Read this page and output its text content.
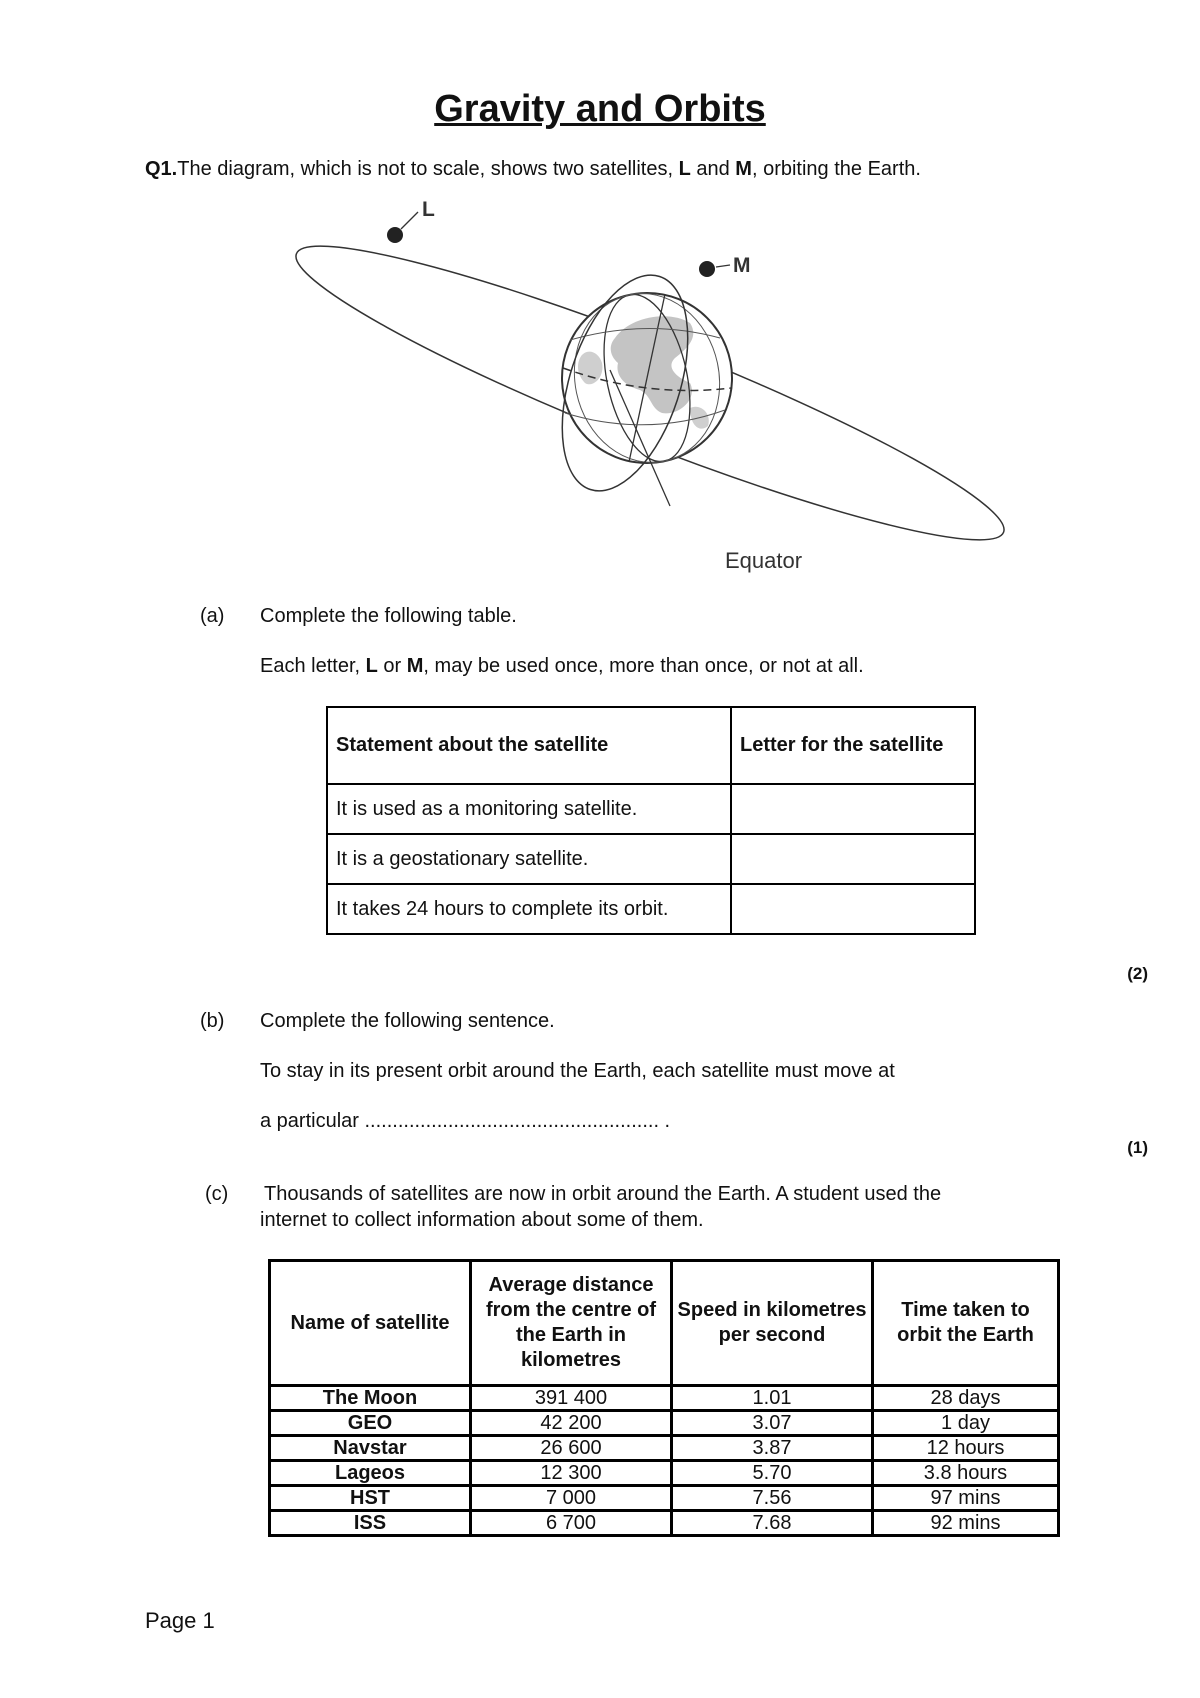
Gravity and Orbits
Q1.The diagram, which is not to scale, shows two satellites, L and M, orbiting the Earth.
L
M
Equator
(a) Complete the following table.
Each letter, L or M, may be used once, more than once, or not at all.
Statement about the satellite	Letter for the satellite
It is used as a monitoring satellite.	
It is a geostationary satellite.	
It takes 24 hours to complete its orbit.	
(2)
(b) Complete the following sentence.
To stay in its present orbit around the Earth, each satellite must move at
a particular ..................................................... .
(1)
(c) Thousands of satellites are now in orbit around the Earth. A student used the
internet to collect information about some of them.
Name of satellite	Average distance from the centre of the Earth in kilometres	Speed in kilometres per second	Time taken to orbit the Earth
The Moon	391 400	1.01	28 days
GEO	42 200	3.07	1 day
Navstar	26 600	3.87	12 hours
Lageos	12 300	5.70	3.8 hours
HST	7 000	7.56	97 mins
ISS	6 700	7.68	92 mins
Page 1
